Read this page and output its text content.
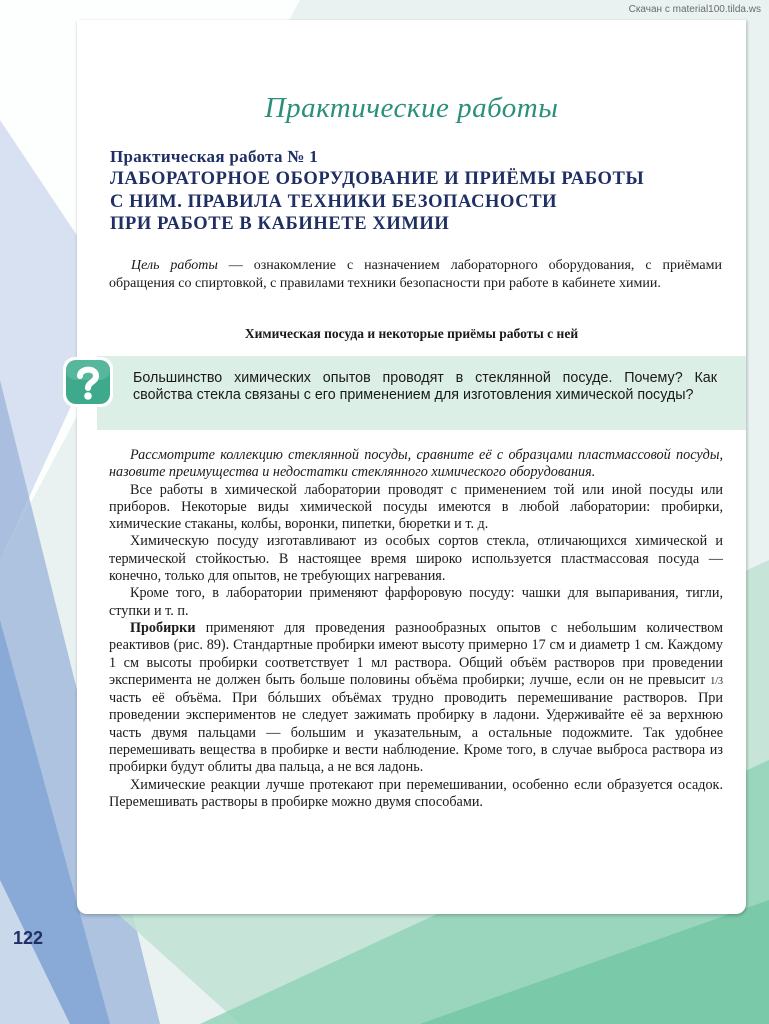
Скачан с material100.tilda.ws
Практические работы
Практическая работа № 1
ЛАБОРАТОРНОЕ ОБОРУДОВАНИЕ И ПРИЁМЫ РАБОТЫ
С НИМ. ПРАВИЛА ТЕХНИКИ БЕЗОПАСНОСТИ
ПРИ РАБОТЕ В КАБИНЕТЕ ХИМИИ
Цель работы — ознакомление с назначением лабораторного оборудования, с приёмами обращения со спиртовкой, с правилами техники безопасности при работе в кабинете химии.
Химическая посуда и некоторые приёмы работы с ней
Большинство химических опытов проводят в стеклянной посуде. Почему? Как свойства стекла связаны с его применением для изготовления химической посуды?

Рассмотрите коллекцию стеклянной посуды, сравните её с образцами пластмассовой посуды, назовите преимущества и недостатки стеклянного химического оборудования.

Все работы в химической лаборатории проводят с применением той или иной посуды или приборов. Некоторые виды химической посуды имеются в любой лаборатории: пробирки, химические стаканы, колбы, воронки, пипетки, бюретки и т. д.

Химическую посуду изготавливают из особых сортов стекла, отличающихся химической и термической стойкостью. В настоящее время широко используется пластмассовая посуда — конечно, только для опытов, не требующих нагревания.

Кроме того, в лаборатории применяют фарфоровую посуду: чашки для выпаривания, тигли, ступки и т. п.

Пробирки применяют для проведения разнообразных опытов с небольшим количеством реактивов (рис. 89). Стандартные пробирки имеют высоту примерно 17 см и диаметр 1 см. Каждому 1 см высоты пробирки соответствует 1 мл раствора. Общий объём растворов при проведении эксперимента не должен быть больше половины объёма пробирки; лучше, если он не превысит 1/3 часть её объёма. При бóльших объёмах трудно проводить перемешивание растворов. При проведении экспериментов не следует зажимать пробирку в ладони. Удерживайте её за верхнюю часть двумя пальцами — большим и указательным, а остальные подожмите. Так удобнее перемешивать вещества в пробирке и вести наблюдение. Кроме того, в случае выброса раствора из пробирки будут облиты два пальца, а не вся ладонь.

Химические реакции лучше протекают при перемешивании, особенно если образуется осадок. Перемешивать растворы в пробирке можно двумя способами.

122
